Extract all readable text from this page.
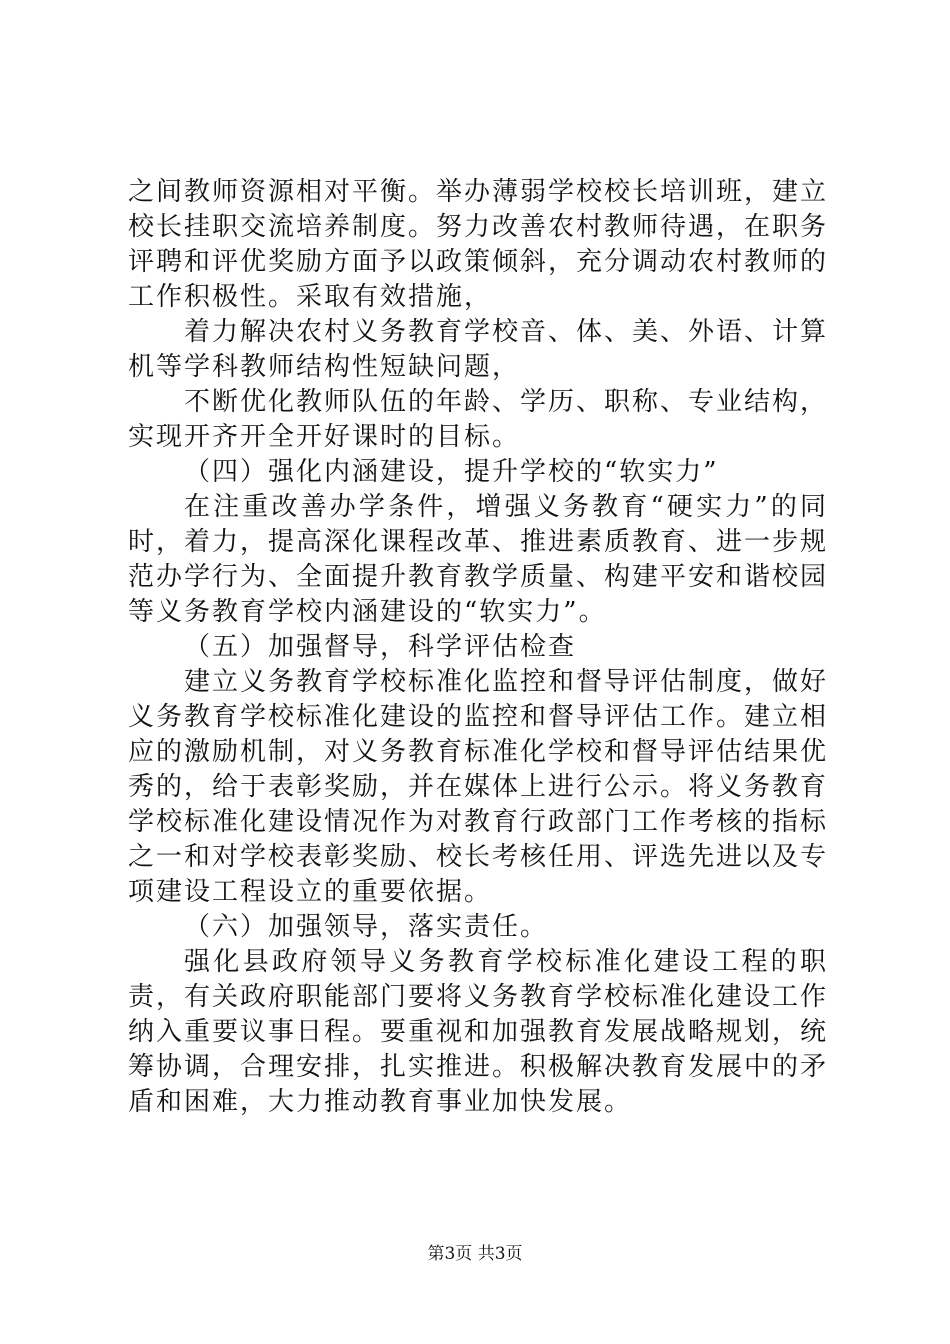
之间教师资源相对平衡。举办薄弱学校校长培训班，建立校长挂职交流培养制度。努力改善农村教师待遇，在职务评聘和评优奖励方面予以政策倾斜，充分调动农村教师的工作积极性。采取有效措施，

着力解决农村义务教育学校音、体、美、外语、计算机等学科教师结构性短缺问题，

不断优化教师队伍的年龄、学历、职称、专业结构，实现开齐开全开好课时的目标。

（四）强化内涵建设，提升学校的“软实力”

在注重改善办学条件，增强义务教育“硬实力”的同时，着力，提高深化课程改革、推进素质教育、进一步规范办学行为、全面提升教育教学质量、构建平安和谐校园等义务教育学校内涵建设的“软实力”。

（五）加强督导，科学评估检查

建立义务教育学校标准化监控和督导评估制度，做好义务教育学校标准化建设的监控和督导评估工作。建立相应的激励机制，对义务教育标准化学校和督导评估结果优秀的，给于表彰奖励，并在媒体上进行公示。将义务教育学校标准化建设情况作为对教育行政部门工作考核的指标之一和对学校表彰奖励、校长考核任用、评选先进以及专项建设工程设立的重要依据。

（六）加强领导，落实责任。

强化县政府领导义务教育学校标准化建设工程的职责，有关政府职能部门要将义务教育学校标准化建设工作纳入重要议事日程。要重视和加强教育发展战略规划，统筹协调，合理安排，扎实推进。积极解决教育发展中的矛盾和困难，大力推动教育事业加快发展。

第3页 共3页
